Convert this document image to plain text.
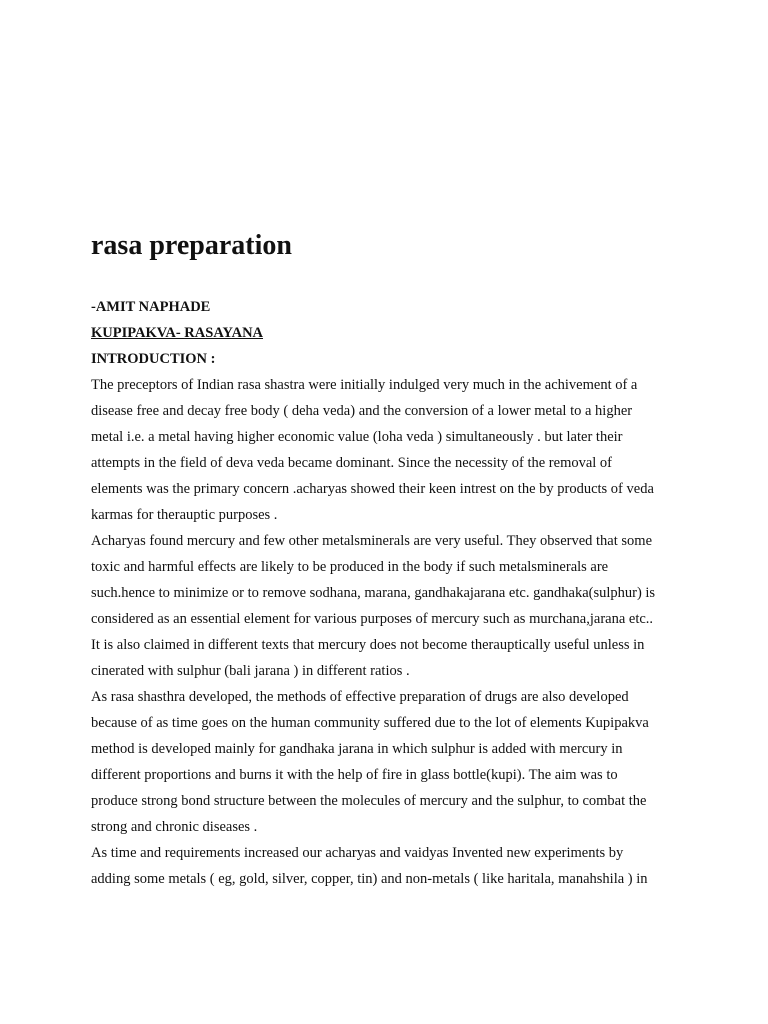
rasa preparation
-AMIT NAPHADE
KUPIPAKVA- RASAYANA
INTRODUCTION :
The preceptors of Indian rasa shastra were initially indulged very much in the achivement of a
disease free and decay free body ( deha veda) and the conversion of a lower metal to a higher
metal i.e. a metal having higher economic value (loha veda ) simultaneously . but later their
attempts in the field of deva veda became dominant. Since the necessity of the removal of
elements was the primary concern .acharyas showed their keen intrest on the by products of veda
karmas for therauptic purposes .
Acharyas found mercury and few other metalsminerals are very useful. They observed that some
toxic and harmful effects are likely to be produced in the body if such metalsminerals are
such.hence to minimize or to remove sodhana, marana, gandhakajarana etc. gandhaka(sulphur) is
considered as an essential element for various purposes of mercury such as murchana,jarana etc..
It is also claimed in different texts that mercury does not become therauptically useful unless in
cinerated with sulphur (bali jarana ) in different ratios .
As rasa shasthra developed, the methods of effective preparation of drugs are also developed
because of as time goes on the human community suffered due to the lot of elements Kupipakva
method is developed mainly for gandhaka jarana in which sulphur is added with mercury in
different proportions and burns it with the help of fire in glass bottle(kupi). The aim was to
produce strong bond structure between the molecules of mercury and the sulphur, to combat the
strong and chronic diseases .
As time and requirements increased our acharyas and vaidyas Invented new experiments by
adding some metals ( eg, gold, silver, copper, tin) and non-metals ( like haritala, manahshila ) in
